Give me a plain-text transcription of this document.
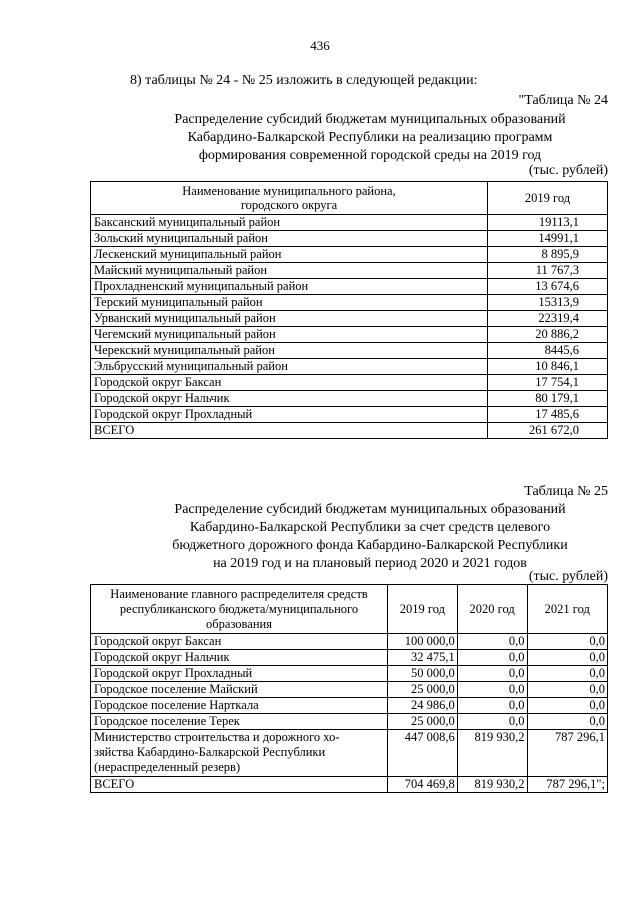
436
8) таблицы № 24 - № 25 изложить в следующей редакции:
"Таблица № 24
Распределение субсидий бюджетам муниципальных образований
Кабардино-Балкарской Республики на реализацию программ
формирования современной городской среды на 2019 год
(тыс. рублей)
Наименование муниципального района,
городского округа	2019 год
Баксанский муниципальный район	19113,1
Зольский муниципальный район	14991,1
Лескенский муниципальный район	8 895,9
Майский муниципальный район	11 767,3
Прохладненский муниципальный район	13 674,6
Терский муниципальный район	15313,9
Урванский муниципальный район	22319,4
Чегемский муниципальный район	20 886,2
Черекский муниципальный район	8445,6
Эльбрусский муниципальный район	10 846,1
Городской округ Баксан	17 754,1
Городской округ Нальчик	80 179,1
Городской округ Прохладный	17 485,6
ВСЕГО	261 672,0
Таблица № 25
Распределение субсидий бюджетам муниципальных образований
Кабардино-Балкарской Республики за счет средств целевого
бюджетного дорожного фонда Кабардино-Балкарской Республики
на 2019 год и на плановый период 2020 и 2021 годов
(тыс. рублей)
Наименование главного распределителя средств
республиканского бюджета/муниципального
образования	2019 год	2020 год	2021 год
Городской округ Баксан	100 000,0	0,0	0,0
Городской округ Нальчик	32 475,1	0,0	0,0
Городской округ Прохладный	50 000,0	0,0	0,0
Городское поселение Майский	25 000,0	0,0	0,0
Городское поселение Нарткала	24 986,0	0,0	0,0
Городское поселение Терек	25 000,0	0,0	0,0

Министерство строительства и дорожного хо-
зяйства Кабардино-Балкарской Республики
(нераспределенный резерв)	447 008,6	819 930,2	787 296,1
ВСЕГО	704 469,8	819 930,2	787 296,1";
